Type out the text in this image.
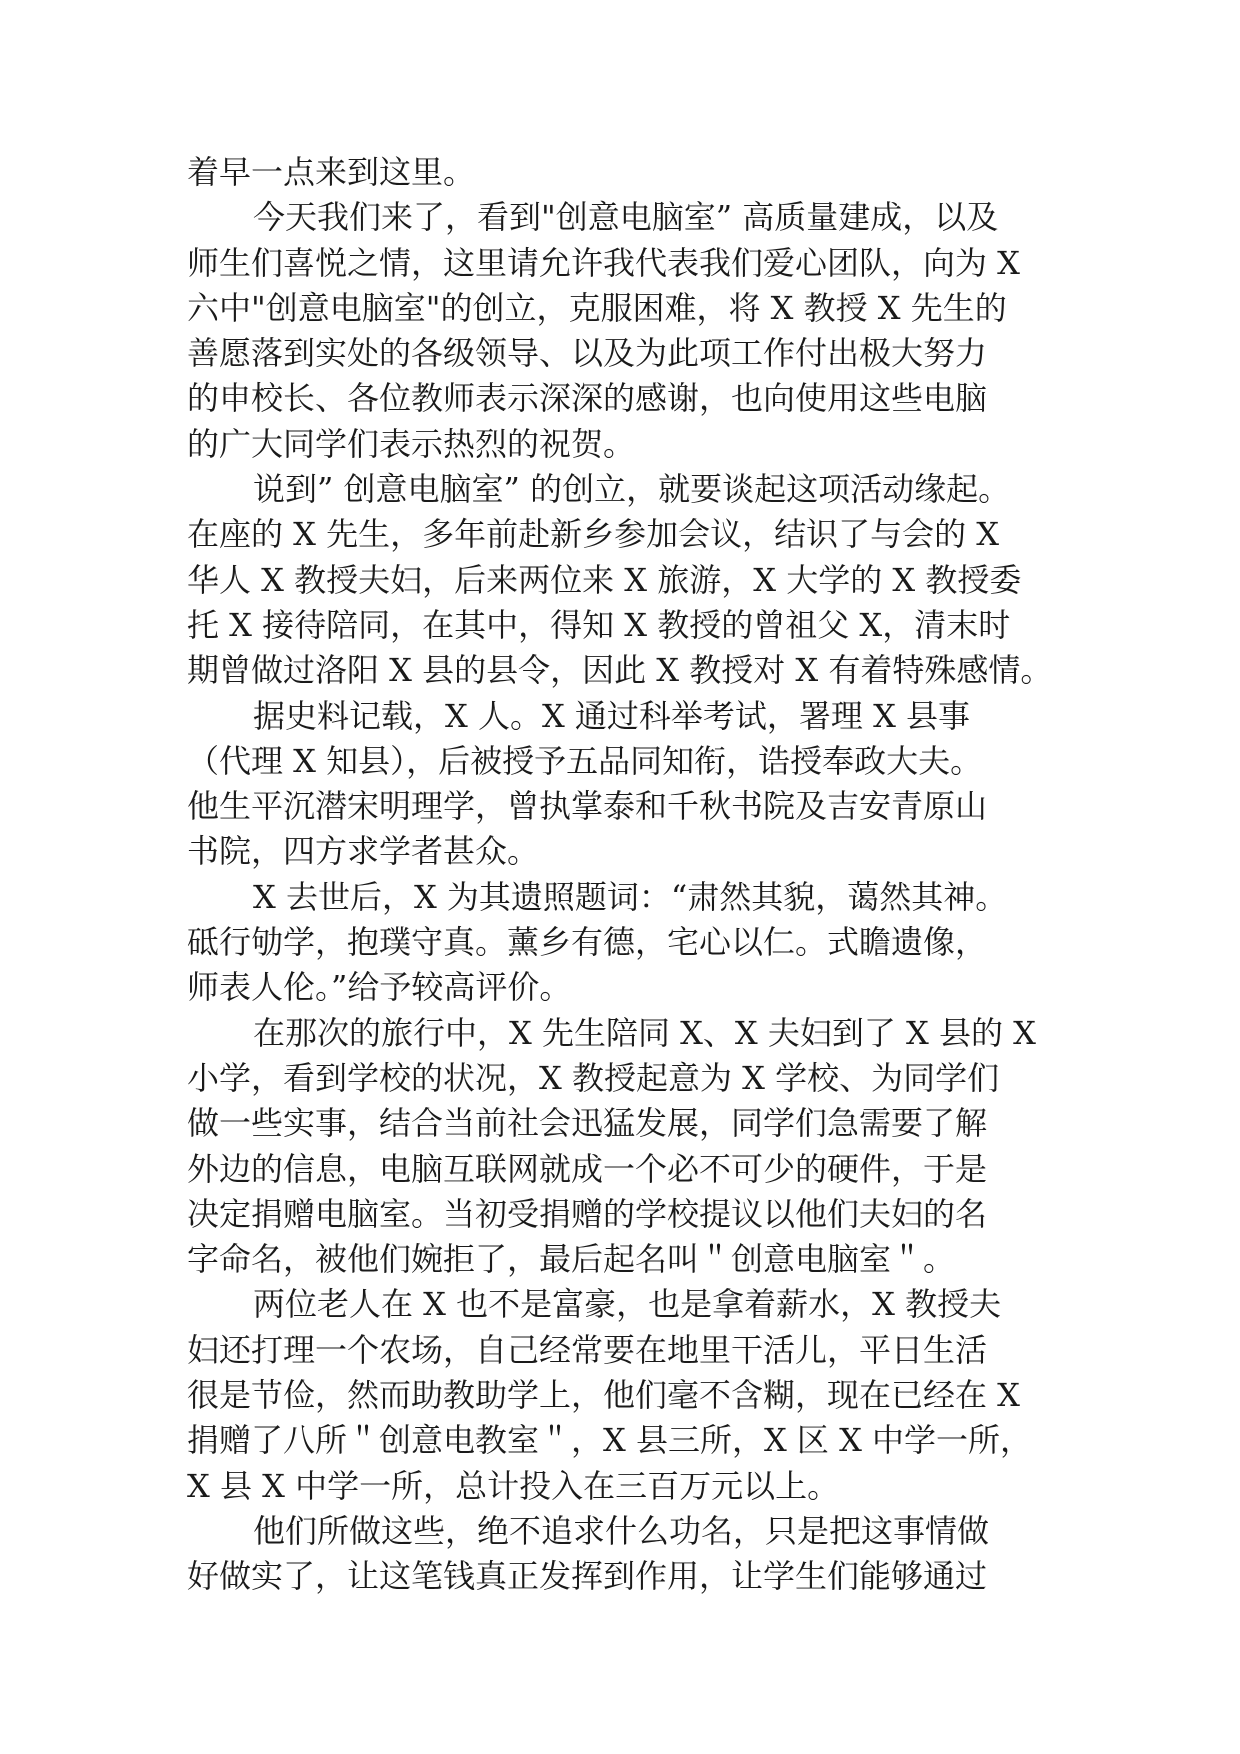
着早一点来到这里。
今天我们来了，看到"创意电脑室” 高质量建成，以及
师生们喜悦之情，这里请允许我代表我们爱心团队，向为 X
六中"创意电脑室"的创立，克服困难，将 X 教授 X 先生的
善愿落到实处的各级领导、以及为此项工作付出极大努力
的申校长、各位教师表示深深的感谢，也向使用这些电脑
的广大同学们表示热烈的祝贺。
说到” 创意电脑室” 的创立，就要谈起这项活动缘起。
在座的 X 先生，多年前赴新乡参加会议，结识了与会的 X
华人 X 教授夫妇，后来两位来 X 旅游，X 大学的 X 教授委
托 X 接待陪同，在其中，得知 X 教授的曾祖父 X，清末时
期曾做过洛阳 X 县的县令，因此 X 教授对 X 有着特殊感情。
据史料记载，X 人。X 通过科举考试，署理 X 县事
（代理 X 知县），后被授予五品同知衔，诰授奉政大夫。
他生平沉潜宋明理学，曾执掌泰和千秋书院及吉安青原山
书院，四方求学者甚众。
X 去世后，X 为其遗照题词：“肃然其貌，蔼然其神。
砥行劬学，抱璞守真。薰乡有德，宅心以仁。式瞻遗像，
师表人伦。”给予较高评价。
在那次的旅行中，X 先生陪同 X、X 夫妇到了 X 县的 X
小学，看到学校的状况，X 教授起意为 X 学校、为同学们
做一些实事，结合当前社会迅猛发展，同学们急需要了解
外边的信息，电脑互联网就成一个必不可少的硬件，于是
决定捐赠电脑室。当初受捐赠的学校提议以他们夫妇的名
字命名，被他们婉拒了，最后起名叫＂创意电脑室＂。
两位老人在 X 也不是富豪，也是拿着薪水，X 教授夫
妇还打理一个农场，自己经常要在地里干活儿，平日生活
很是节俭，然而助教助学上，他们毫不含糊，现在已经在 X
捐赠了八所＂创意电教室＂，X 县三所，X 区 X 中学一所，
X 县 X 中学一所，总计投入在三百万元以上。
他们所做这些，绝不追求什么功名，只是把这事情做
好做实了，让这笔钱真正发挥到作用，让学生们能够通过
